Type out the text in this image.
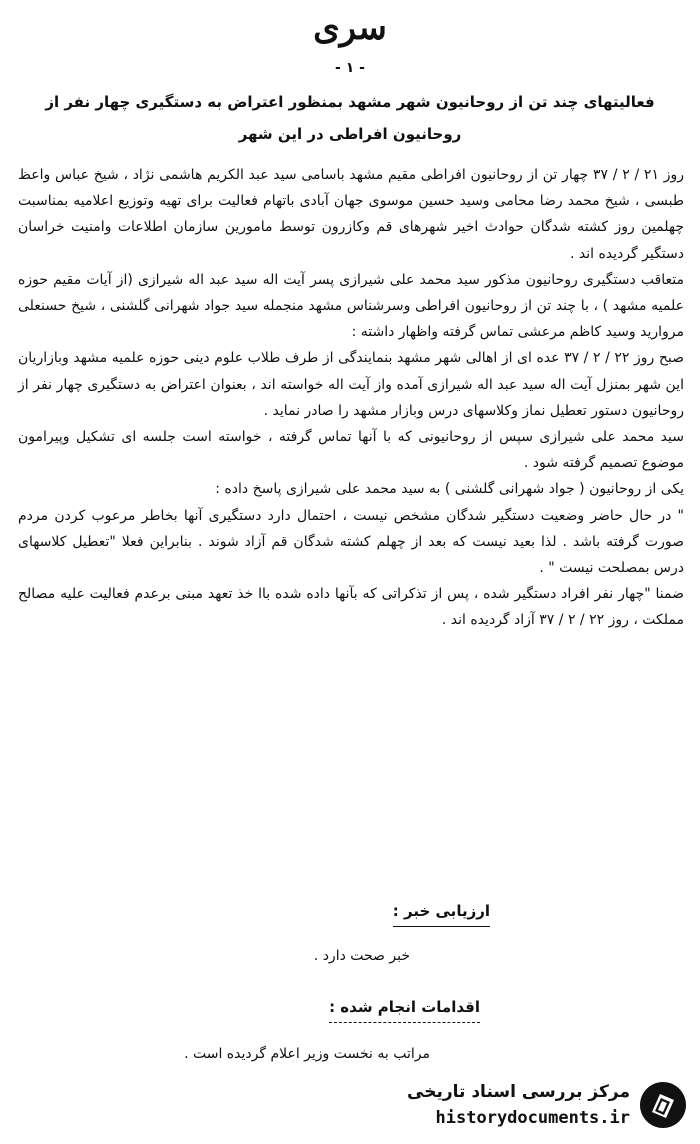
سری
- ۱ -
فعالیتهای چند تن از روحانیون شهر مشهد بمنظور اعتراض به دستگیری چهار نفر از
روحانیون افراطی در این شهر

روز ۲۱ / ۲ / ۳۷ چهار تن از روحانیون افراطی مقیم مشهد باسامی سید عبد الکریم هاشمی نژاد ، شیخ عباس واعظ طبسی ، شیخ محمد رضا محامی وسید حسین موسوی جهان آبادی باتهام فعالیت برای تهیه وتوزیع اعلامیه بمناسبت چهلمین روز کشته شدگان حوادث اخیر شهرهای قم وکازرون توسط مامورین سازمان اطلاعات وامنیت خراسان دستگیر گردیده اند .

متعاقب دستگیری روحانیون مذکور سید محمد علی شیرازی پسر آیت اله سید عبد اله شیرازی (از آیات مقیم حوزه علمیه مشهد ) ، با چند تن از روحانیون افراطی وسرشناس مشهد منجمله سید جواد شهرانی گلشنی ، شیخ حسنعلی مروارید وسید کاظم مرعشی تماس گرفته واظهار داشته :

صبح روز ۲۲ / ۲ / ۳۷ عده ای از اهالی شهر مشهد بنمایندگی از طرف طلاب علوم دینی حوزه علمیه مشهد وبازاریان این شهر بمنزل آیت اله سید عبد اله شیرازی آمده واز آیت اله خواسته اند ، بعنوان اعتراض به دستگیری چهار نفر از روحانیون دستور تعطیل نماز وکلاسهای درس وبازار مشهد را صادر نماید .

سید محمد علی شیرازی سپس از روحانیونی که با آنها تماس گرفته ، خواسته است جلسه ای تشکیل وپیرامون موضوع تصمیم گرفته شود .

یکی از روحانیون ( جواد شهرانی گلشنی ) به سید محمد علی شیرازی پاسخ داده :

" در حال حاضر وضعیت دستگیر شدگان مشخص نیست ، احتمال دارد دستگیری آنها بخاطر مرعوب کردن مردم صورت گرفته باشد . لذا بعید نیست که بعد از چهلم کشته شدگان قم آزاد شوند . بنابراین فعلا "تعطیل کلاسهای درس بمصلحت نیست " .

ضمنا "چهار نفر افراد دستگیر شده ، پس از تذکراتی که بآنها داده شده باا خذ تعهد مبنی برعدم فعالیت علیه مصالح مملکت ، روز ۲۲ / ۲ / ۳۷ آزاد گردیده اند .

ارزیابی خبر :
خبر صحت دارد .
اقدامات انجام شده :
مراتب به نخست وزیر اعلام گردیده است .
مرکز بررسی اسناد تاریخی
historydocuments.ir
